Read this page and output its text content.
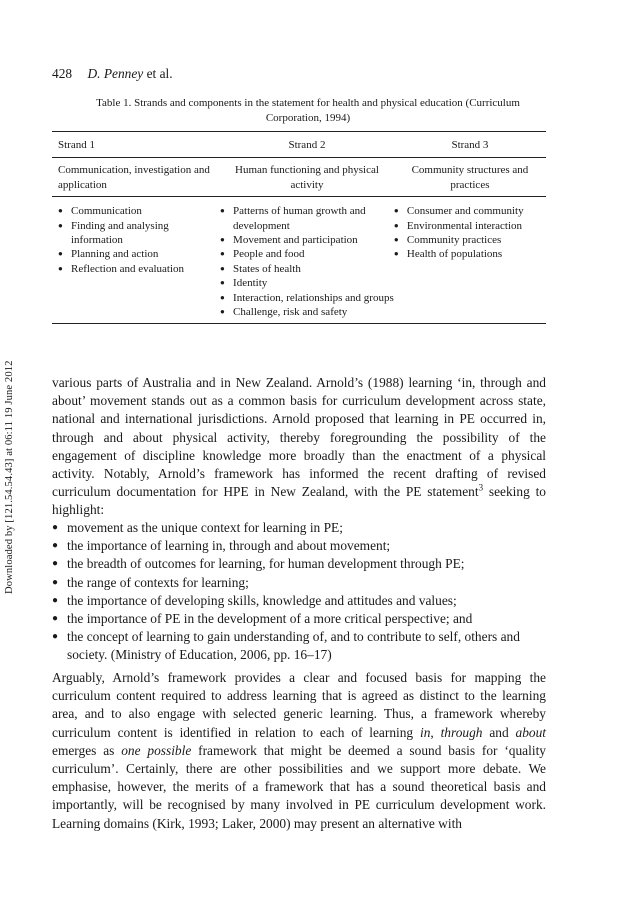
Downloaded by [121.54.54.43] at 06:11 19 June 2012
428 D. Penney et al.
Table 1. Strands and components in the statement for health and physical education (Curriculum Corporation, 1994)
Strand 1	Strand 2	Strand 3
Communication, investigation and application
Human functioning and physical activity
Community structures and practices
● Communication
● Finding and analysing information
● Planning and action
● Reflection and evaluation
● Patterns of human growth and development
● Movement and participation
● People and food
● States of health
● Identity
● Interaction, relationships and groups
● Challenge, risk and safety
● Consumer and community
● Environmental interaction
● Community practices
● Health of populations

various parts of Australia and in New Zealand. Arnold’s (1988) learning ‘in, through and about’ movement stands out as a common basis for curriculum development across state, national and international jurisdictions. Arnold proposed that learning in PE occurred in, through and about physical activity, thereby foregrounding the possibility of the engagement of discipline knowledge more broadly than the enactment of a physical activity. Notably, Arnold’s framework has informed the recent drafting of revised curriculum documentation for HPE in New Zealand, with the PE statement$^3$ seeking to highlight:

● movement as the unique context for learning in PE;
● the importance of learning in, through and about movement;
● the breadth of outcomes for learning, for human development through PE;
● the range of contexts for learning;
● the importance of developing skills, knowledge and attitudes and values;
● the importance of PE in the development of a more critical perspective; and
● the concept of learning to gain understanding of, and to contribute to self, others and society. (Ministry of Education, 2006, pp. 16–17)

Arguably, Arnold’s framework provides a clear and focused basis for mapping the curriculum content required to address learning that is agreed as distinct to the learning area, and to also engage with selected generic learning. Thus, a framework whereby curriculum content is identified in relation to each of learning in, through and about emerges as one possible framework that might be deemed a sound basis for ‘quality curriculum’. Certainly, there are other possibilities and we support more debate. We emphasise, however, the merits of a framework that has a sound theoretical basis and importantly, will be recognised by many involved in PE curriculum development work. Learning domains (Kirk, 1993; Laker, 2000) may present an alternative with
